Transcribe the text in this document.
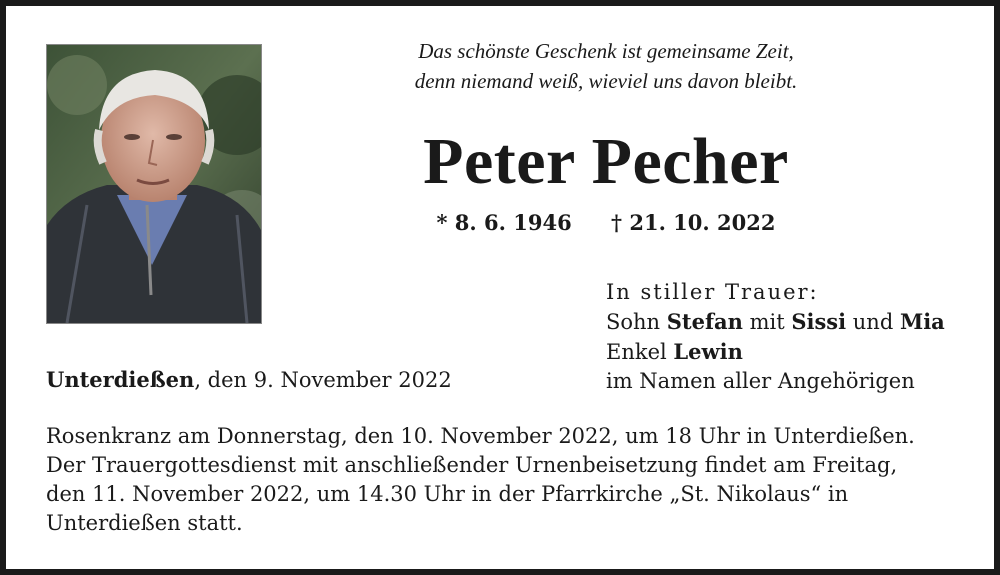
Das schönste Geschenk ist gemeinsame Zeit,
denn niemand weiß, wieviel uns davon bleibt.
Peter Pecher
* 8. 6. 1946 † 21. 10. 2022
In stiller Trauer:
Sohn Stefan mit Sissi und Mia
Enkel Lewin
im Namen aller Angehörigen
Unterdießen, den 9. November 2022
Rosenkranz am Donnerstag, den 10. November 2022, um 18 Uhr in Unterdießen.
Der Trauergottesdienst mit anschließender Urnenbeisetzung findet am Freitag,
den 11. November 2022, um 14.30 Uhr in der Pfarrkirche „St. Nikolaus“ in
Unterdießen statt.
